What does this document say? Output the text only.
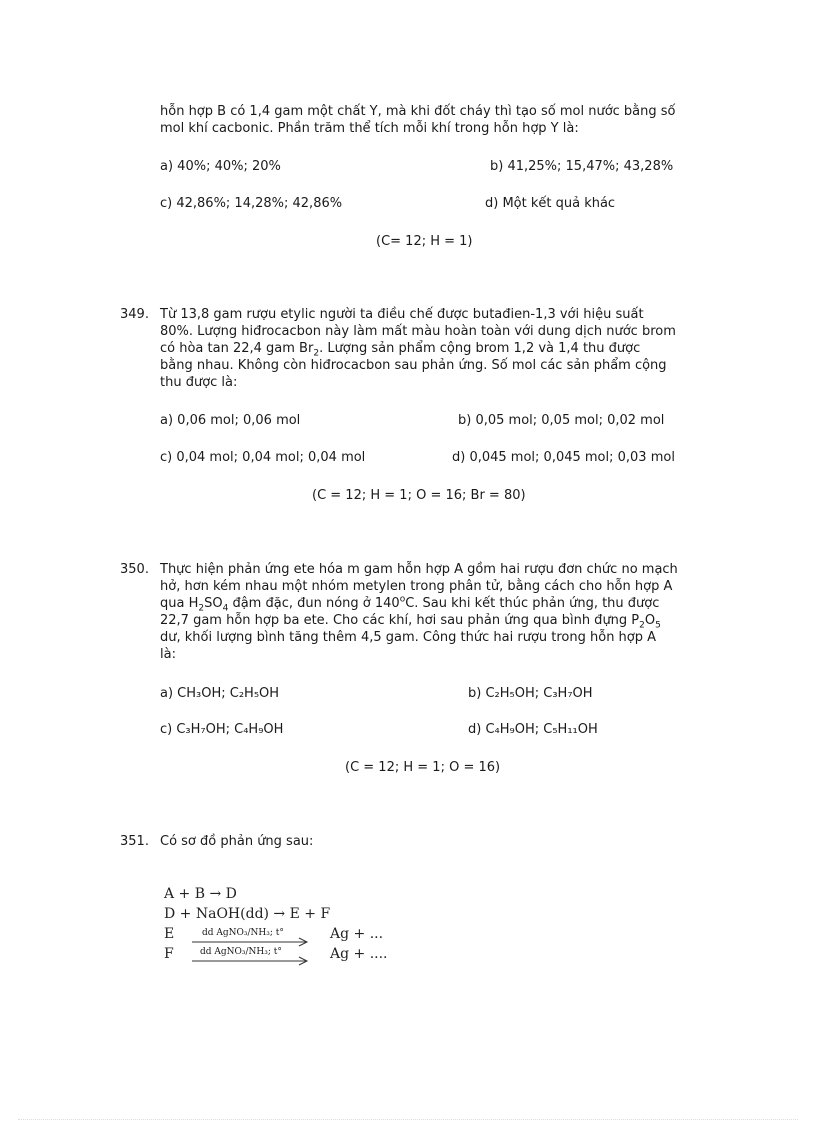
hỗn hợp B có 1,4 gam một chất Y, mà khi đốt cháy thì tạo số mol nước bằng số
mol khí cacbonic. Phần trăm thể tích mỗi khí trong hỗn hợp Y là:
a) 40%; 40%; 20%	b) 41,25%; 15,47%; 43,28%
c) 42,86%; 14,28%; 42,86%	d) Một kết quả khác
(C= 12; H = 1)
349. Từ 13,8 gam rượu etylic người ta điều chế được butađien-1,3 với hiệu suất
80%. Lượng hiđrocacbon này làm mất màu hoàn toàn với dung dịch nước brom
có hòa tan 22,4 gam $Br_2$. Lượng sản phẩm cộng brom 1,2 và 1,4 thu được
bằng nhau. Không còn hiđrocacbon sau phản ứng. Số mol các sản phẩm cộng
thu được là:
a) 0,06 mol; 0,06 mol	b) 0,05 mol; 0,05 mol; 0,02 mol
c) 0,04 mol; 0,04 mol; 0,04 mol	d) 0,045 mol; 0,045 mol; 0,03 mol
(C = 12; H = 1; O = 16; Br = 80)
350. Thực hiện phản ứng ete hóa m gam hỗn hợp A gồm hai rượu đơn chức no mạch
hở, hơn kém nhau một nhóm metylen trong phân tử, bằng cách cho hỗn hợp A
qua $H_2SO_4$ đậm đặc, đun nóng ở 140$^o$C. Sau khi kết thúc phản ứng, thu được
22,7 gam hỗn hợp ba ete. Cho các khí, hơi sau phản ứng qua bình đựng $P_2O_5$
dư, khối lượng bình tăng thêm 4,5 gam. Công thức hai rượu trong hỗn hợp A
là:
a) CH₃OH; C₂H₅OH	b) C₂H₅OH; C₃H₇OH
c) C₃H₇OH; C₄H₉OH	d) C₄H₉OH; C₅H₁₁OH
(C = 12; H = 1; O = 16)
351. Có sơ đồ phản ứng sau:
A + B → D
D + NaOH(dd) → E + F
E	dd AgNO₃/NH₃; t°	Ag + ...
F	dd AgNO₃/NH₃; t°	Ag + ....
